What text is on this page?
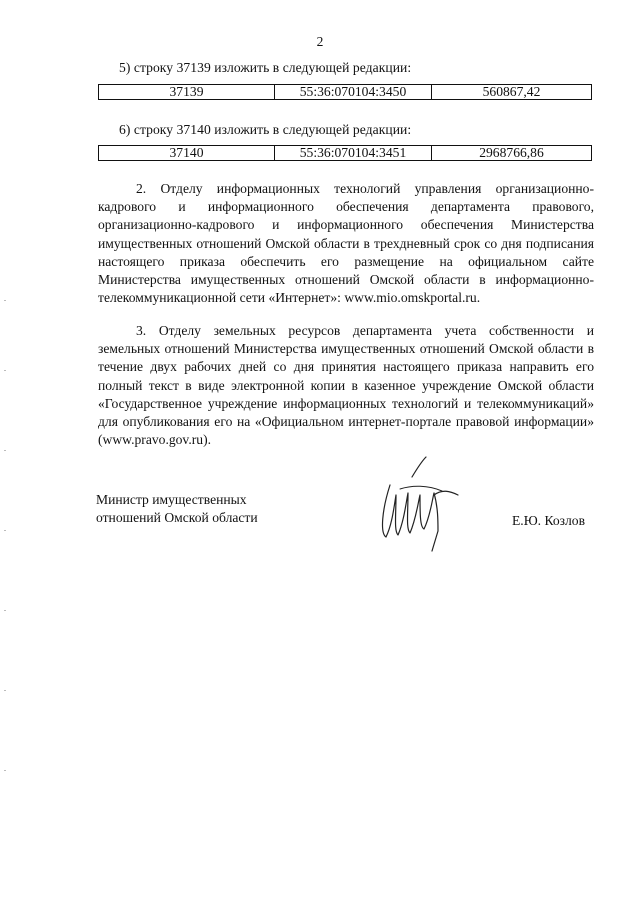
2
5) строку 37139 изложить в следующей редакции:
37139	55:36:070104:3450	560867,42
6) строку 37140 изложить в следующей редакции:
37140	55:36:070104:3451	2968766,86

2. Отделу информационных технологий управления организационно-кадрового и информационного обеспечения департамента правового, организационно-кадрового и информационного обеспечения Министерства имущественных отношений Омской области в трехдневный срок со дня подписания настоящего приказа обеспечить его размещение на официальном сайте Министерства имущественных отношений Омской области в информационно-телекоммуникационной сети «Интернет»: www.mio.omskportal.ru.

3. Отделу земельных ресурсов департамента учета собственности и земельных отношений Министерства имущественных отношений Омской области в течение двух рабочих дней со дня принятия настоящего приказа направить его полный текст в виде электронной копии в казенное учреждение Омской области «Государственное учреждение информационных технологий и телекоммуникаций» для опубликования его на «Официальном интернет-портале правовой информации» (www.pravo.gov.ru).

Министр имущественных
отношений Омской области	Е.Ю. Козлов
